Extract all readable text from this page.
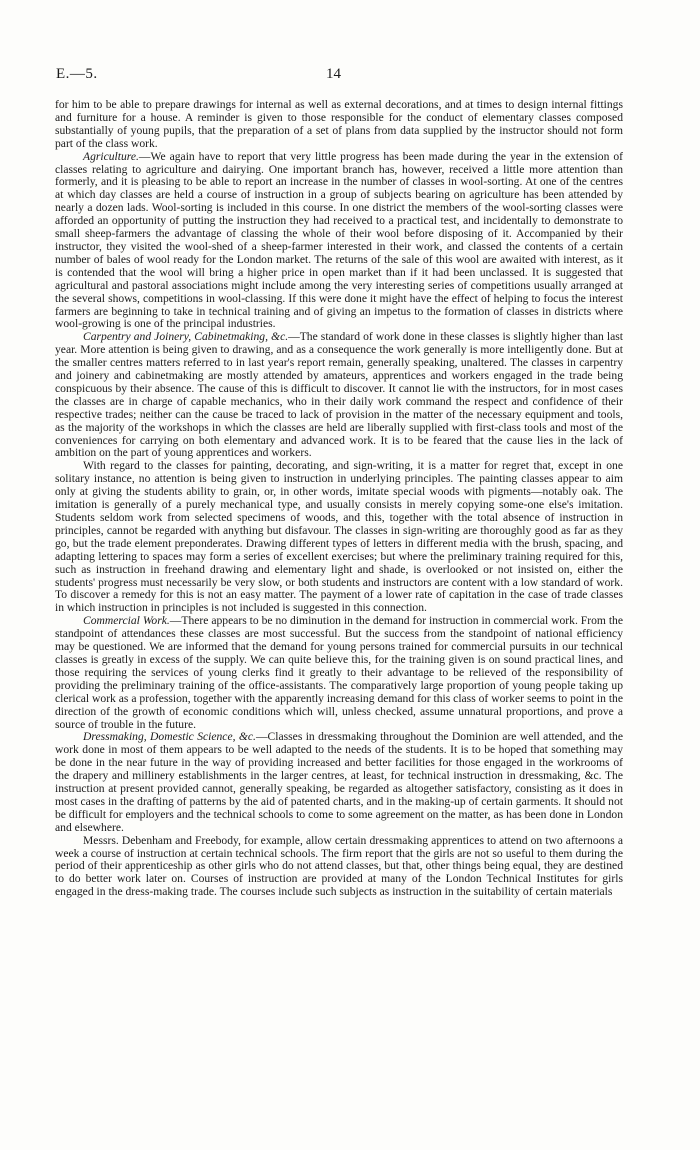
E.—5.	14

for him to be able to prepare drawings for internal as well as external decorations, and at times to design internal fittings and furniture for a house. A reminder is given to those responsible for the conduct of elementary classes composed substantially of young pupils, that the preparation of a set of plans from data supplied by the instructor should not form part of the class work.

Agriculture.—We again have to report that very little progress has been made during the year in the extension of classes relating to agriculture and dairying. One important branch has, however, received a little more attention than formerly, and it is pleasing to be able to report an increase in the number of classes in wool-sorting. At one of the centres at which day classes are held a course of instruction in a group of subjects bearing on agriculture has been attended by nearly a dozen lads. Wool-sorting is included in this course. In one district the members of the wool-sorting classes were afforded an opportunity of putting the instruction they had received to a practical test, and incidentally to demonstrate to small sheep-farmers the advantage of classing the whole of their wool before disposing of it. Accompanied by their instructor, they visited the wool-shed of a sheep-farmer interested in their work, and classed the contents of a certain number of bales of wool ready for the London market. The returns of the sale of this wool are awaited with interest, as it is contended that the wool will bring a higher price in open market than if it had been unclassed. It is suggested that agricultural and pastoral associations might include among the very interesting series of competitions usually arranged at the several shows, competitions in wool-classing. If this were done it might have the effect of helping to focus the interest farmers are beginning to take in technical training and of giving an impetus to the formation of classes in districts where wool-growing is one of the principal industries.

Carpentry and Joinery, Cabinetmaking, &c.—The standard of work done in these classes is slightly higher than last year. More attention is being given to drawing, and as a consequence the work generally is more intelligently done. But at the smaller centres matters referred to in last year's report remain, generally speaking, unaltered. The classes in carpentry and joinery and cabinetmaking are mostly attended by amateurs, apprentices and workers engaged in the trade being conspicuous by their absence. The cause of this is difficult to discover. It cannot lie with the instructors, for in most cases the classes are in charge of capable mechanics, who in their daily work command the respect and confidence of their respective trades; neither can the cause be traced to lack of provision in the matter of the necessary equipment and tools, as the majority of the workshops in which the classes are held are liberally supplied with first-class tools and most of the conveniences for carrying on both elementary and advanced work. It is to be feared that the cause lies in the lack of ambition on the part of young apprentices and workers.

With regard to the classes for painting, decorating, and sign-writing, it is a matter for regret that, except in one solitary instance, no attention is being given to instruction in underlying principles. The painting classes appear to aim only at giving the students ability to grain, or, in other words, imitate special woods with pigments—notably oak. The imitation is generally of a purely mechanical type, and usually consists in merely copying some-one else's imitation. Students seldom work from selected specimens of woods, and this, together with the total absence of instruction in principles, cannot be regarded with anything but disfavour. The classes in sign-writing are thoroughly good as far as they go, but the trade element preponderates. Drawing different types of letters in different media with the brush, spacing, and adapting lettering to spaces may form a series of excellent exercises; but where the preliminary training required for this, such as instruction in freehand drawing and elementary light and shade, is overlooked or not insisted on, either the students' progress must necessarily be very slow, or both students and instructors are content with a low standard of work. To discover a remedy for this is not an easy matter. The payment of a lower rate of capitation in the case of trade classes in which instruction in principles is not included is suggested in this connection.

Commercial Work.—There appears to be no diminution in the demand for instruction in commercial work. From the standpoint of attendances these classes are most successful. But the success from the standpoint of national efficiency may be questioned. We are informed that the demand for young persons trained for commercial pursuits in our technical classes is greatly in excess of the supply. We can quite believe this, for the training given is on sound practical lines, and those requiring the services of young clerks find it greatly to their advantage to be relieved of the responsibility of providing the preliminary training of the office-assistants. The comparatively large proportion of young people taking up clerical work as a profession, together with the apparently increasing demand for this class of worker seems to point in the direction of the growth of economic conditions which will, unless checked, assume unnatural proportions, and prove a source of trouble in the future.

Dressmaking, Domestic Science, &c.—Classes in dressmaking throughout the Dominion are well attended, and the work done in most of them appears to be well adapted to the needs of the students. It is to be hoped that something may be done in the near future in the way of providing increased and better facilities for those engaged in the workrooms of the drapery and millinery establishments in the larger centres, at least, for technical instruction in dressmaking, &c. The instruction at present provided cannot, generally speaking, be regarded as altogether satisfactory, consisting as it does in most cases in the drafting of patterns by the aid of patented charts, and in the making-up of certain garments. It should not be difficult for employers and the technical schools to come to some agreement on the matter, as has been done in London and elsewhere.

Messrs. Debenham and Freebody, for example, allow certain dressmaking apprentices to attend on two afternoons a week a course of instruction at certain technical schools. The firm report that the girls are not so useful to them during the period of their apprenticeship as other girls who do not attend classes, but that, other things being equal, they are destined to do better work later on. Courses of instruction are provided at many of the London Technical Institutes for girls engaged in the dress-making trade. The courses include such subjects as instruction in the suitability of certain materials
